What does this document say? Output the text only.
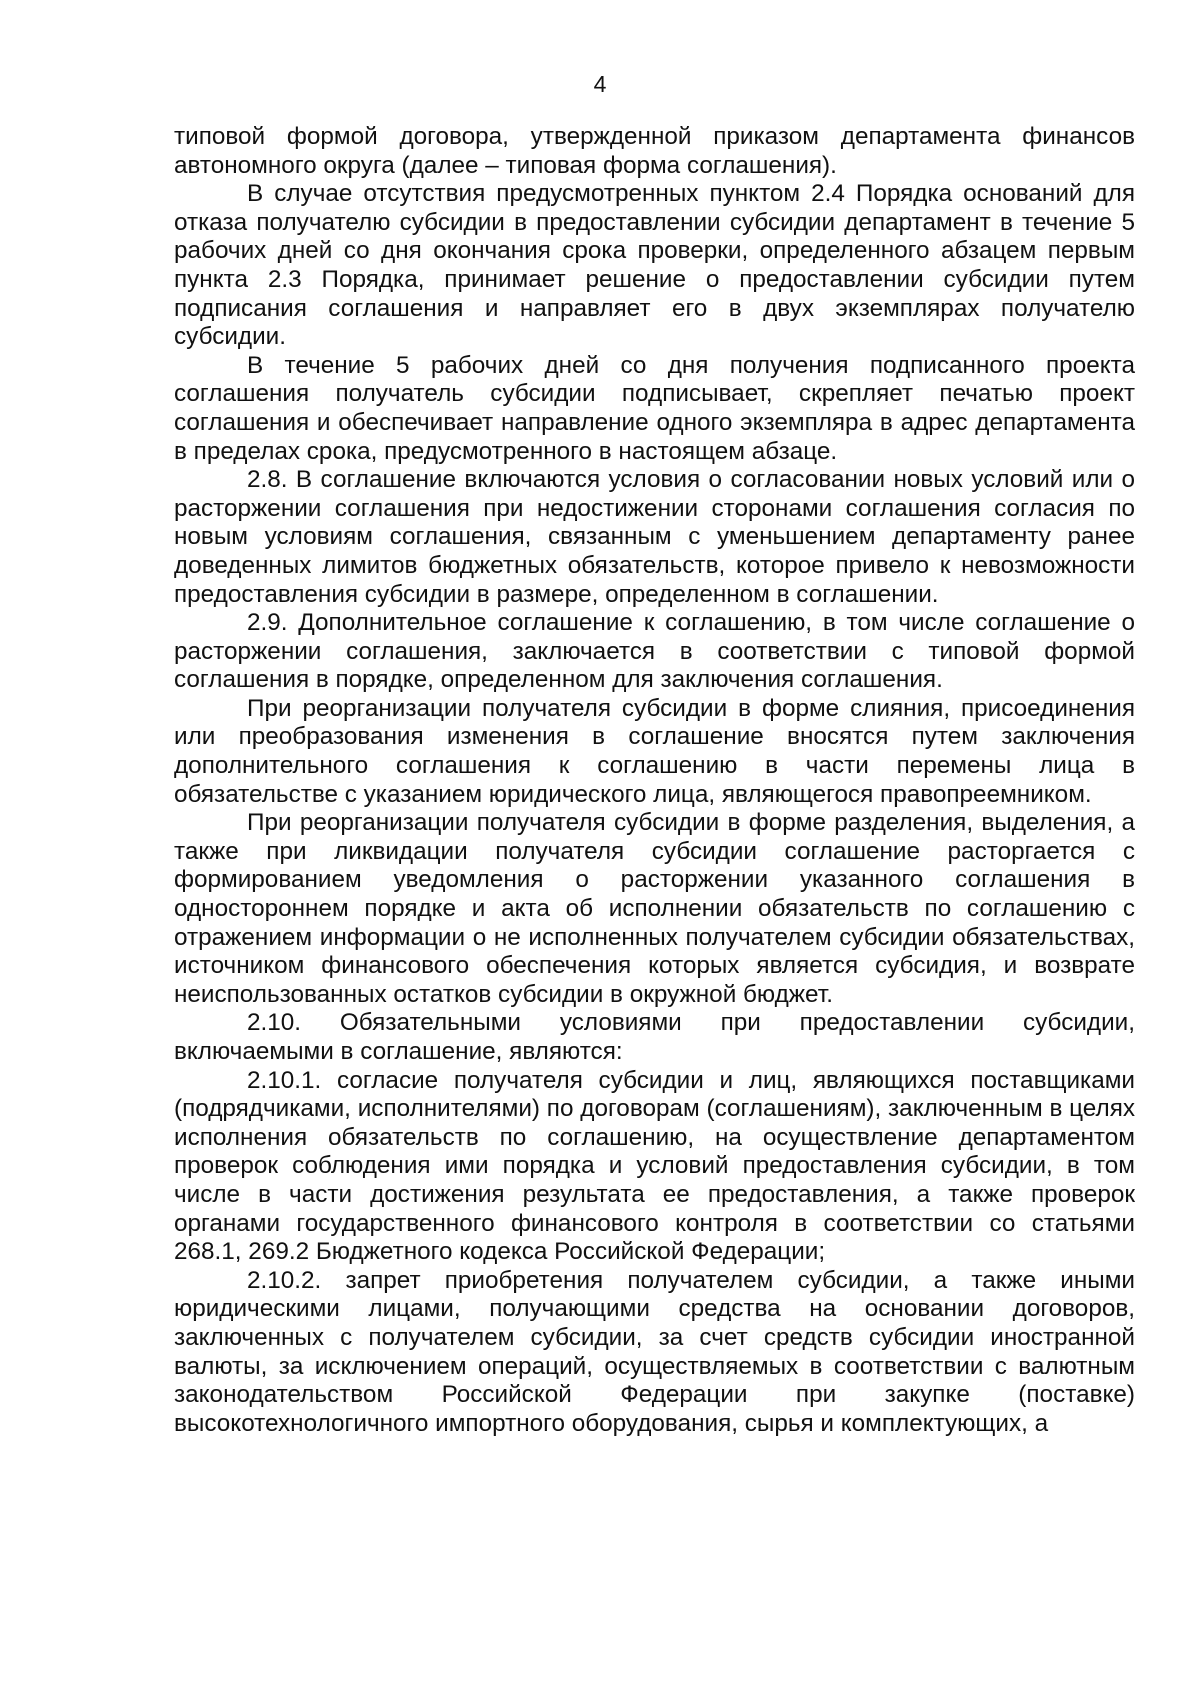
4

типовой формой договора, утвержденной приказом департамента финансов автономного округа (далее – типовая форма соглашения).

В случае отсутствия предусмотренных пунктом 2.4 Порядка оснований для отказа получателю субсидии в предоставлении субсидии департамент в течение 5 рабочих дней со дня окончания срока проверки, определенного абзацем первым пункта 2.3 Порядка, принимает решение о предоставлении субсидии путем подписания соглашения и направляет его в двух экземплярах получателю субсидии.

В течение 5 рабочих дней со дня получения подписанного проекта соглашения получатель субсидии подписывает, скрепляет печатью проект соглашения и обеспечивает направление одного экземпляра в адрес департамента в пределах срока, предусмотренного в настоящем абзаце.

2.8. В соглашение включаются условия о согласовании новых условий или о расторжении соглашения при недостижении сторонами соглашения согласия по новым условиям соглашения, связанным с уменьшением департаменту ранее доведенных лимитов бюджетных обязательств, которое привело к невозможности предоставления субсидии в размере, определенном в соглашении.

2.9. Дополнительное соглашение к соглашению, в том числе соглашение о расторжении соглашения, заключается в соответствии с типовой формой соглашения в порядке, определенном для заключения соглашения.

При реорганизации получателя субсидии в форме слияния, присоединения или преобразования изменения в соглашение вносятся путем заключения дополнительного соглашения к соглашению в части перемены лица в обязательстве с указанием юридического лица, являющегося правопреемником.

При реорганизации получателя субсидии в форме разделения, выделения, а также при ликвидации получателя субсидии соглашение расторгается с формированием уведомления о расторжении указанного соглашения в одностороннем порядке и акта об исполнении обязательств по соглашению с отражением информации о не исполненных получателем субсидии обязательствах, источником финансового обеспечения которых является субсидия, и возврате неиспользованных остатков субсидии в окружной бюджет.

2.10. Обязательными условиями при предоставлении субсидии, включаемыми в соглашение, являются:

2.10.1. согласие получателя субсидии и лиц, являющихся поставщиками (подрядчиками, исполнителями) по договорам (соглашениям), заключенным в целях исполнения обязательств по соглашению, на осуществление департаментом проверок соблюдения ими порядка и условий предоставления субсидии, в том числе в части достижения результата ее предоставления, а также проверок органами государственного финансового контроля в соответствии со статьями 268.1, 269.2 Бюджетного кодекса Российской Федерации;

2.10.2. запрет приобретения получателем субсидии, а также иными юридическими лицами, получающими средства на основании договоров, заключенных с получателем субсидии, за счет средств субсидии иностранной валюты, за исключением операций, осуществляемых в соответствии с валютным законодательством Российской Федерации при закупке (поставке) высокотехнологичного импортного оборудования, сырья и комплектующих, а
